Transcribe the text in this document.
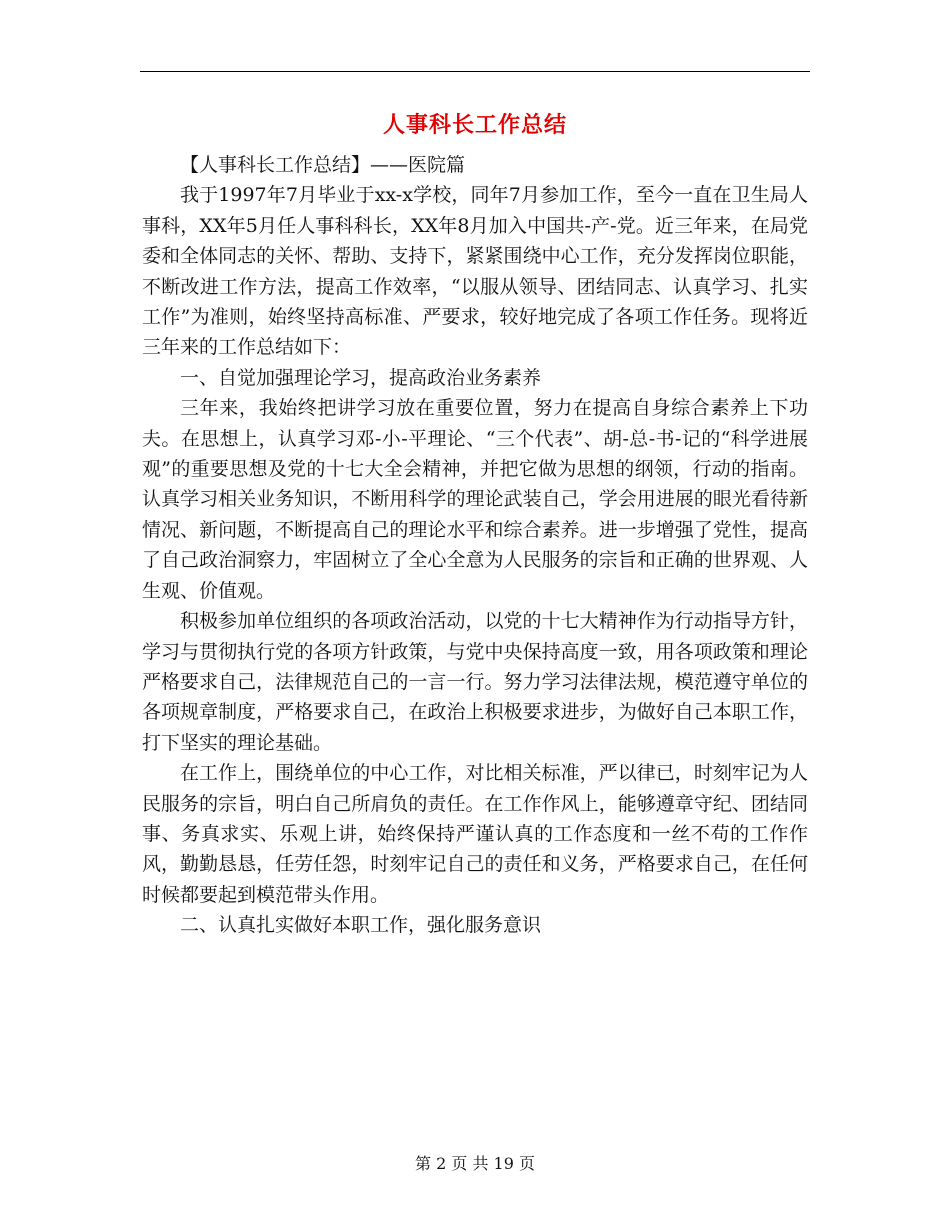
人事科长工作总结

【人事科长工作总结】——医院篇

我于1997年7月毕业于xx-x学校，同年7月参加工作，至今一直在卫生局人事科，XX年5月任人事科科长，XX年8月加入中国共-产-党。近三年来，在局党委和全体同志的关怀、帮助、支持下，紧紧围绕中心工作，充分发挥岗位职能，不断改进工作方法，提高工作效率，“以服从领导、团结同志、认真学习、扎实工作”为准则，始终坚持高标准、严要求，较好地完成了各项工作任务。现将近三年来的工作总结如下：

一、自觉加强理论学习，提高政治业务素养

三年来，我始终把讲学习放在重要位置，努力在提高自身综合素养上下功夫。在思想上，认真学习邓-小-平理论、“三个代表”、胡-总-书-记的“科学进展观”的重要思想及党的十七大全会精神，并把它做为思想的纲领，行动的指南。认真学习相关业务知识，不断用科学的理论武装自己，学会用进展的眼光看待新情况、新问题，不断提高自己的理论水平和综合素养。进一步增强了党性，提高了自己政治洞察力，牢固树立了全心全意为人民服务的宗旨和正确的世界观、人生观、价值观。

积极参加单位组织的各项政治活动，以党的十七大精神作为行动指导方针，学习与贯彻执行党的各项方针政策，与党中央保持高度一致，用各项政策和理论严格要求自己，法律规范自己的一言一行。努力学习法律法规，模范遵守单位的各项规章制度，严格要求自己，在政治上积极要求进步，为做好自己本职工作，打下坚实的理论基础。

在工作上，围绕单位的中心工作，对比相关标准，严以律已，时刻牢记为人民服务的宗旨，明白自己所肩负的责任。在工作作风上，能够遵章守纪、团结同事、务真求实、乐观上讲，始终保持严谨认真的工作态度和一丝不苟的工作作风，勤勤恳恳，任劳任怨，时刻牢记自己的责任和义务，严格要求自己，在任何时候都要起到模范带头作用。

二、认真扎实做好本职工作，强化服务意识

第 2 页 共 19 页
